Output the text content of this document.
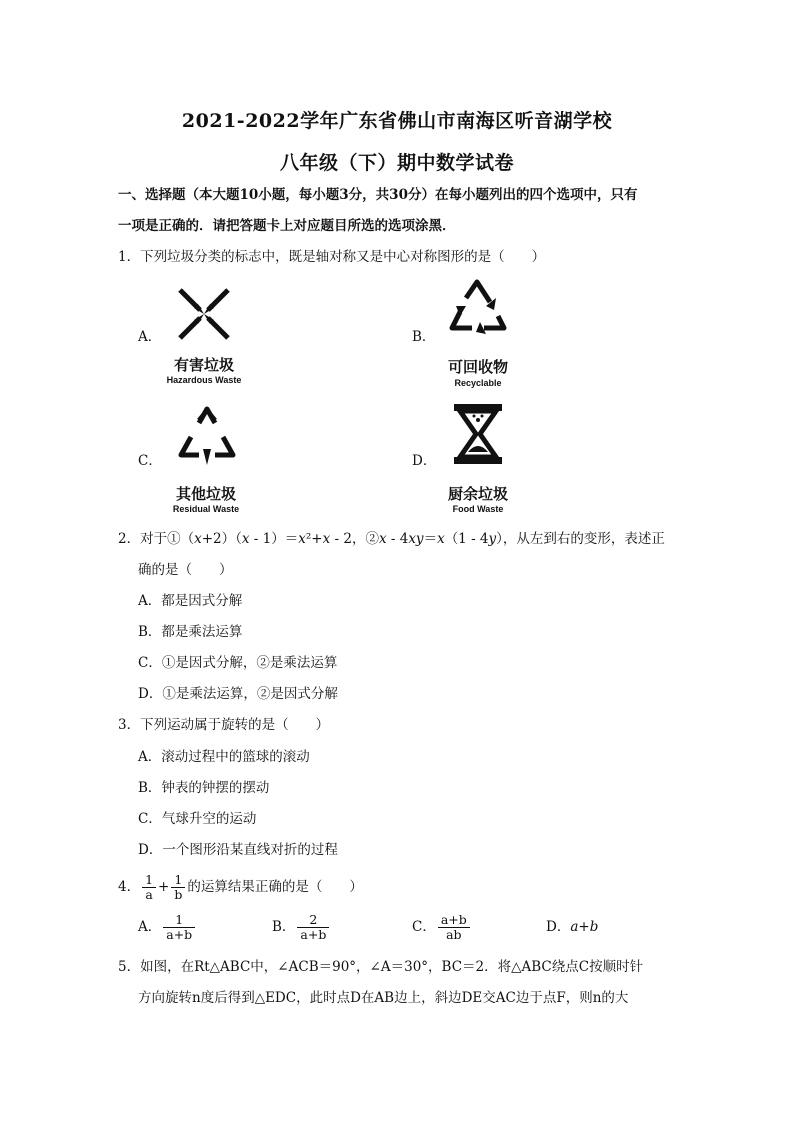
2021-2022学年广东省佛山市南海区听音湖学校
八年级（下）期中数学试卷
一、选择题（本大题10小题，每小题3分，共30分）在每小题列出的四个选项中，只有
一项是正确的．请把答题卡上对应题目所选的选项涂黑．
1．下列垃圾分类的标志中，既是轴对称又是中心对称图形的是（　　）
A．
有害垃圾
Hazardous Waste
B．
可回收物
Recyclable
C．
其他垃圾
Residual Waste
D．
厨余垃圾
Food Waste
2．对于①（x+2）（x - 1）＝x²+x - 2，②x - 4xy＝x（1 - 4y），从左到右的变形，表述正
确的是（　　）
A．都是因式分解
B．都是乘法运算
C．①是因式分解，②是乘法运算
D．①是乘法运算，②是因式分解
3．下列运动属于旋转的是（　　）
A．滚动过程中的篮球的滚动
B．钟表的钟摆的摆动
C．气球升空的运动
D．一个图形沿某直线对折的过程
4． $\frac{1}{a} + \frac{1}{b}$ 的运算结果正确的是（　　）
A． $\frac{1}{a+b}$	B． $\frac{2}{a+b}$	C． $\frac{a+b}{ab}$	D．a+b
5．如图，在Rt△ABC中，∠ACB＝90°，∠A＝30°，BC＝2．将△ABC绕点C按顺时针
方向旋转n度后得到△EDC，此时点D在AB边上，斜边DE交AC边于点F，则n的大
